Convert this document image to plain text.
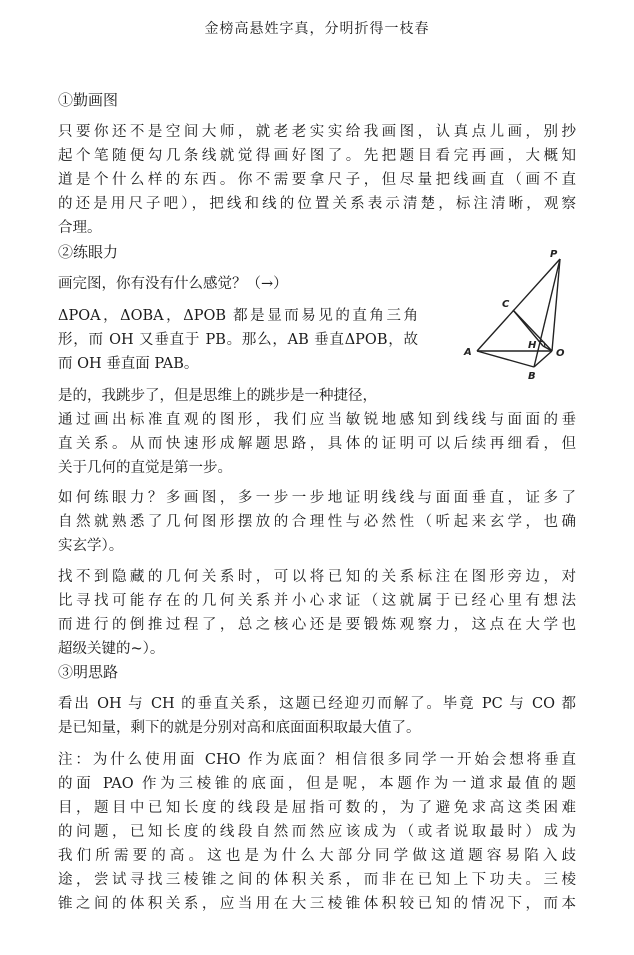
金榜高悬姓字真，分明折得一枝春
①勤画图
只要你还不是空间大师，就老老实实给我画图，认真点儿画，别抄
起个笔随便勾几条线就觉得画好图了。先把题目看完再画，大概知
道是个什么样的东西。你不需要拿尺子，但尽量把线画直（画不直
的还是用尺子吧），把线和线的位置关系表示清楚，标注清晰，观察
合理。
②练眼力
画完图，你有没有什么感觉？（→）
ΔPOA，ΔOBA，ΔPOB 都是显而易见的直角三角
形，而 OH 又垂直于 PB。那么，AB 垂直ΔPOB，故
而 OH 垂直面 PAB。
是的，我跳步了，但是思维上的跳步是一种捷径，
通过画出标准直观的图形，我们应当敏锐地感知到线线与面面的垂
直关系。从而快速形成解题思路，具体的证明可以后续再细看，但
关于几何的直觉是第一步。
如何练眼力？多画图，多一步一步地证明线线与面面垂直，证多了
自然就熟悉了几何图形摆放的合理性与必然性（听起来玄学，也确
实玄学）。
找不到隐藏的几何关系时，可以将已知的关系标注在图形旁边，对
比寻找可能存在的几何关系并小心求证（这就属于已经心里有想法
而进行的倒推过程了，总之核心还是要锻炼观察力，这点在大学也
超级关键的~）。
③明思路
看出 OH 与 CH 的垂直关系，这题已经迎刃而解了。毕竟 PC 与 CO 都
是已知量，剩下的就是分别对高和底面面积取最大值了。
注：为什么使用面 CHO 作为底面？相信很多同学一开始会想将垂直
的面 PAO 作为三棱锥的底面，但是呢，本题作为一道求最值的题
目，题目中已知长度的线段是屈指可数的，为了避免求高这类困难
的问题，已知长度的线段自然而然应该成为（或者说取最时）成为
我们所需要的高。这也是为什么大部分同学做这道题容易陷入歧
途，尝试寻找三棱锥之间的体积关系，而非在已知上下功夫。三棱
锥之间的体积关系，应当用在大三棱锥体积较已知的情况下，而本
P
C
A
H
O
B
